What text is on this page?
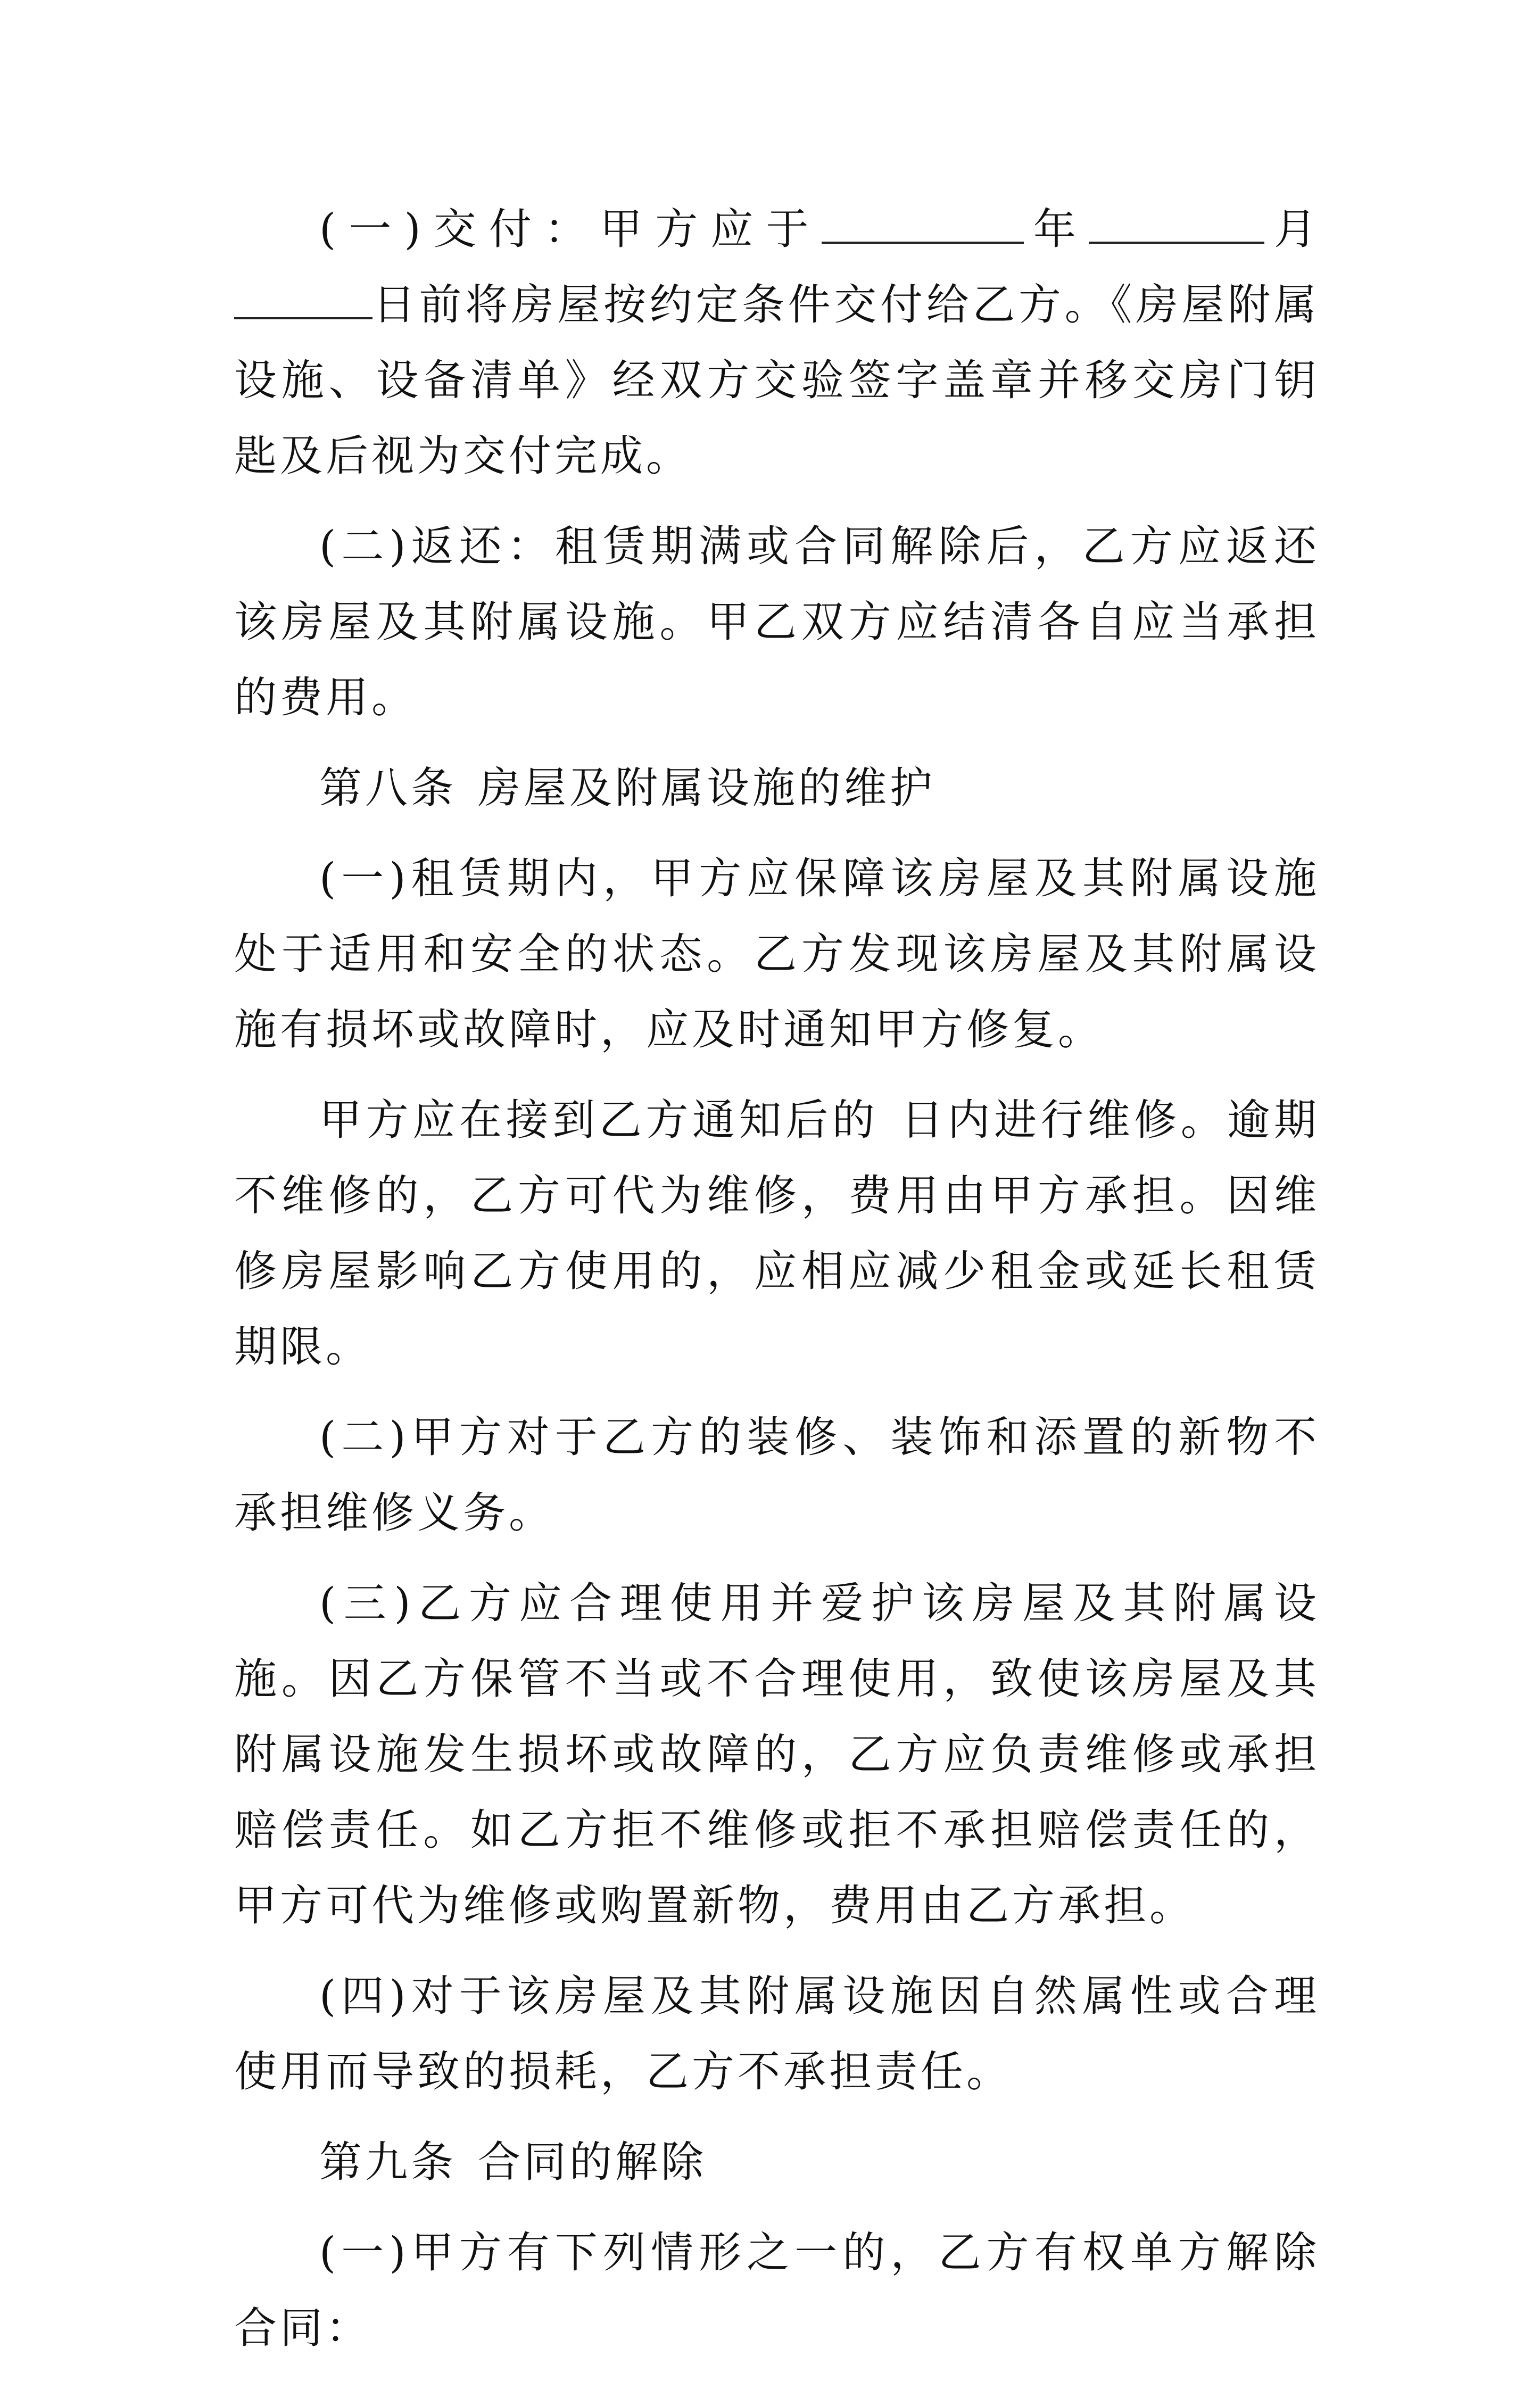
(一)交付：甲方应于	年	月日前将房屋按约定条件交付给乙方。《房屋附属设施、设备清单》经双方交验签字盖章并移交房门钥匙及后视为交付完成。

(二)返还：租赁期满或合同解除后，乙方应返还该房屋及其附属设施。甲乙双方应结清各自应当承担的费用。

第八条 房屋及附属设施的维护

(一)租赁期内，甲方应保障该房屋及其附属设施处于适用和安全的状态。乙方发现该房屋及其附属设施有损坏或故障时，应及时通知甲方修复。

甲方应在接到乙方通知后的 日内进行维修。逾期不维修的，乙方可代为维修，费用由甲方承担。因维修房屋影响乙方使用的，应相应减少租金或延长租赁期限。

(二)甲方对于乙方的装修、装饰和添置的新物不承担维修义务。

(三)乙方应合理使用并爱护该房屋及其附属设施。因乙方保管不当或不合理使用，致使该房屋及其附属设施发生损坏或故障的，乙方应负责维修或承担赔偿责任。如乙方拒不维修或拒不承担赔偿责任的，甲方可代为维修或购置新物，费用由乙方承担。

(四)对于该房屋及其附属设施因自然属性或合理使用而导致的损耗，乙方不承担责任。

第九条 合同的解除

(一)甲方有下列情形之一的，乙方有权单方解除合同：
